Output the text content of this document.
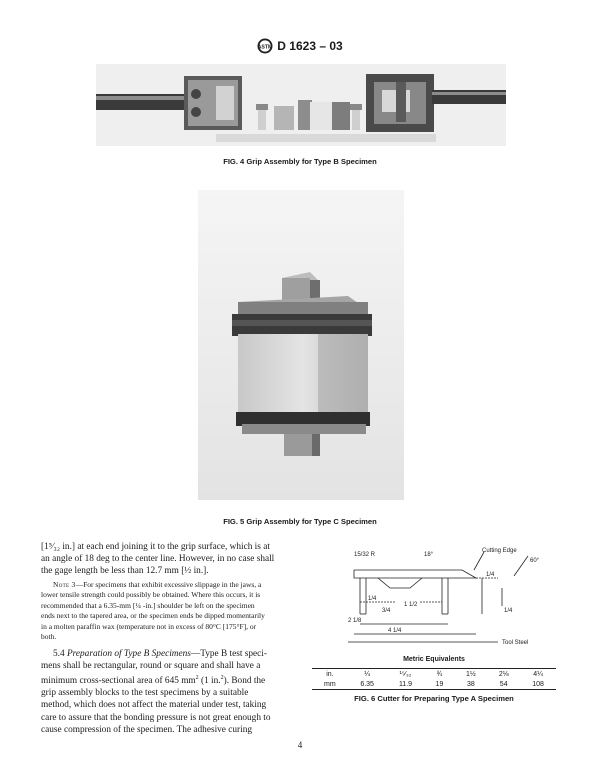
ASTM D 1623 – 03
FIG. 4 Grip Assembly for Type B Specimen
FIG. 5 Grip Assembly for Type C Specimen
[1⁵⁄₃₂ in.] at each end joining it to the grip surface, which is at
an angle of 18 deg to the center line. However, in no case shall
the gage length be less than 12.7 mm [½ in.].
Note 3—For specimens that exhibit excessive slippage in the jaws, a
lower tensile strength could possibly be obtained. Where this occurs, it is
recommended that a 6.35-mm [¼ -in.] shoulder be left on the specimen
ends next to the tapered area, or the specimen ends be dipped momentarily
in a molten paraffin wax (temperature not in excess of 80°C [175°F], or
both.
5.4 Preparation of Type B Specimens—Type B test speci-
mens shall be rectangular, round or square and shall have a
minimum cross-sectional area of 645 $mm^2$ (1 in.$^2$). Bond the
grip assembly blocks to the test specimens by a suitable
method, which does not affect the material under test, taking
care to assure that the bonding pressure is not great enough to
cause compression of the specimen. The adhesive curing
Cutting Edge
60°
18°
15/32 R
1/4
1/4
1/4
3/4
1 1/2
2 1/8
4 1/4
Tool Steel
Metric Equivalents
in.	¼	¹⁵⁄₃₂	¾	1½	2⅛	4¼
mm	6.35	11.9	19	38	54	108
FIG. 6 Cutter for Preparing Type A Specimen
4
